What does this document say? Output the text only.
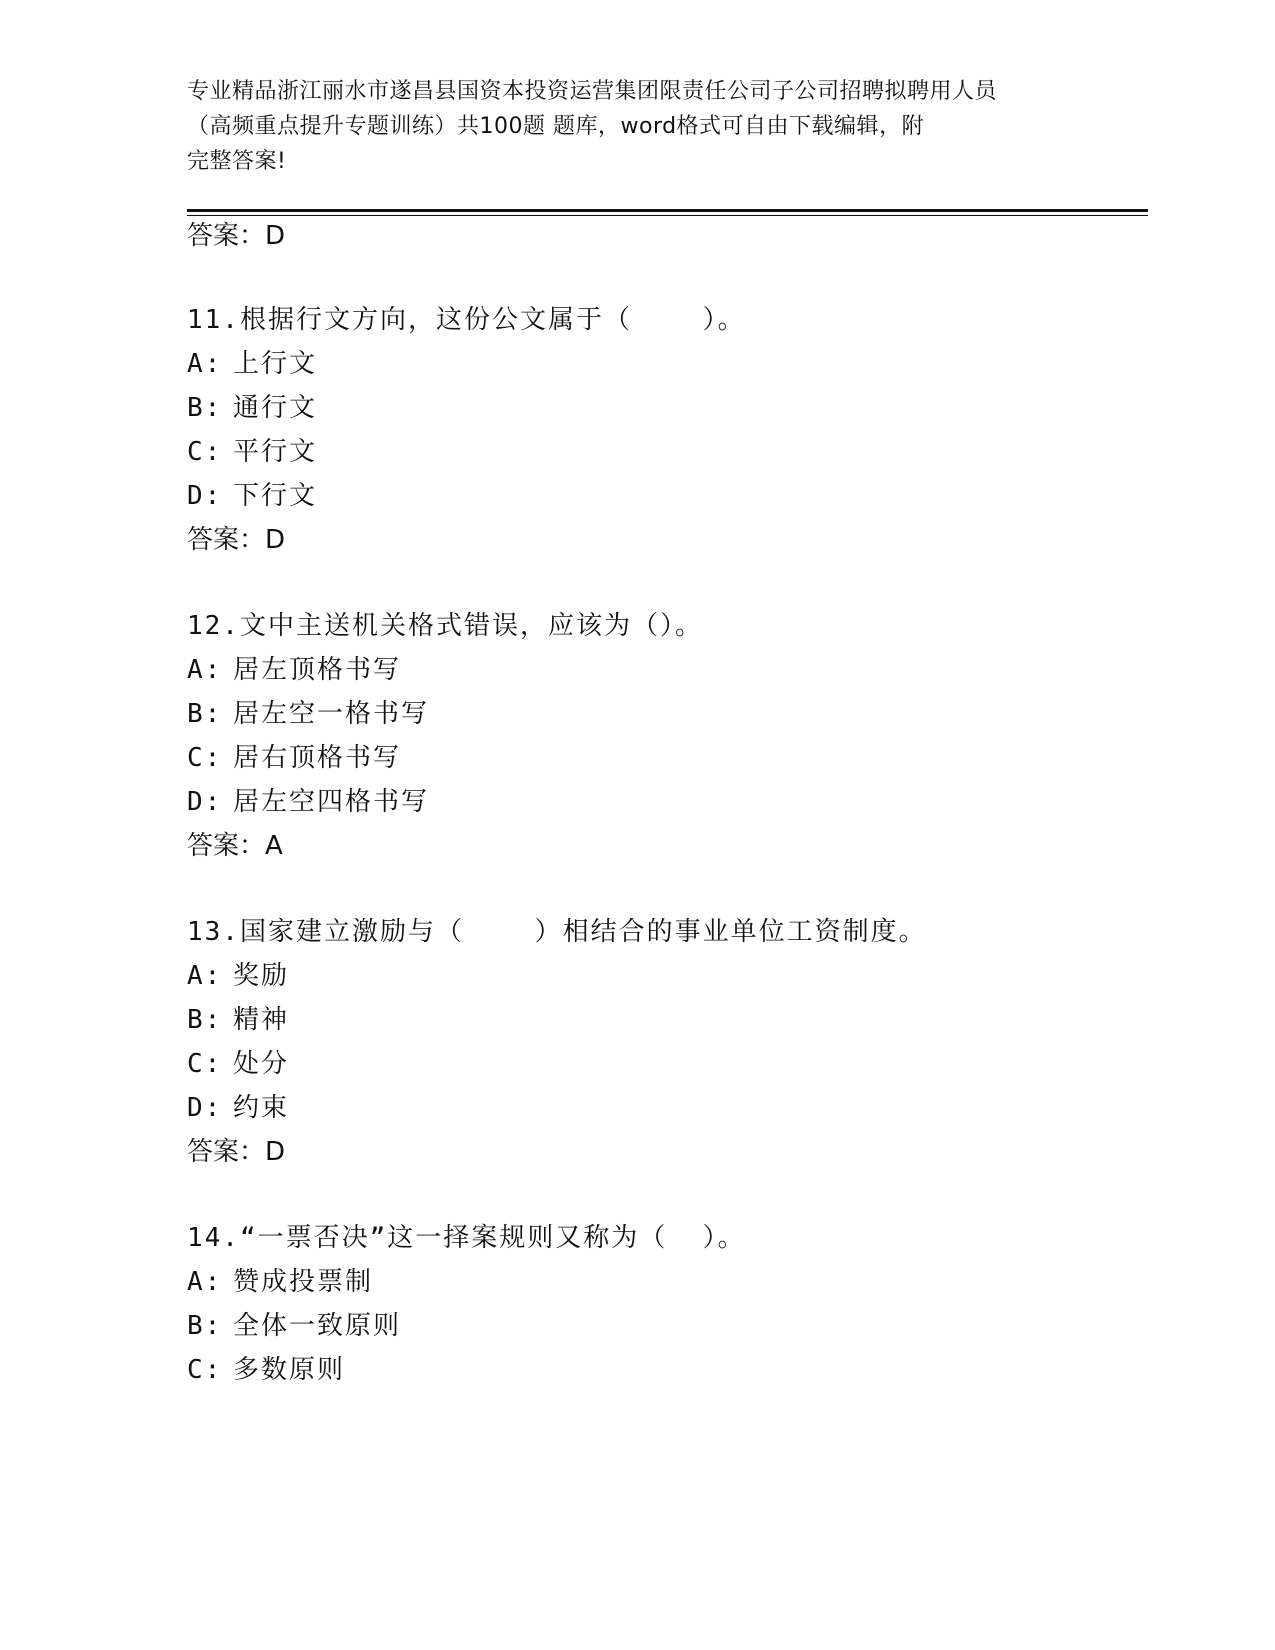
专业精品浙江丽水市遂昌县国资本投资运营集团限责任公司子公司招聘拟聘用人员
（高频重点提升专题训练）共100题 题库，word格式可自由下载编辑，附
完整答案!
答案：D
11.根据行文方向，这份公文属于（    ）。
A: 上行文
B: 通行文
C: 平行文
D: 下行文
答案：D
12.文中主送机关格式错误，应该为（）。
A: 居左顶格书写
B: 居左空一格书写
C: 居右顶格书写
D: 居左空四格书写
答案：A
13.国家建立激励与（    ）相结合的事业单位工资制度。
A: 奖励
B: 精神
C: 处分
D: 约束
答案：D
14.“一票否决”这一择案规则又称为（  ）。
A: 赞成投票制
B: 全体一致原则
C: 多数原则
